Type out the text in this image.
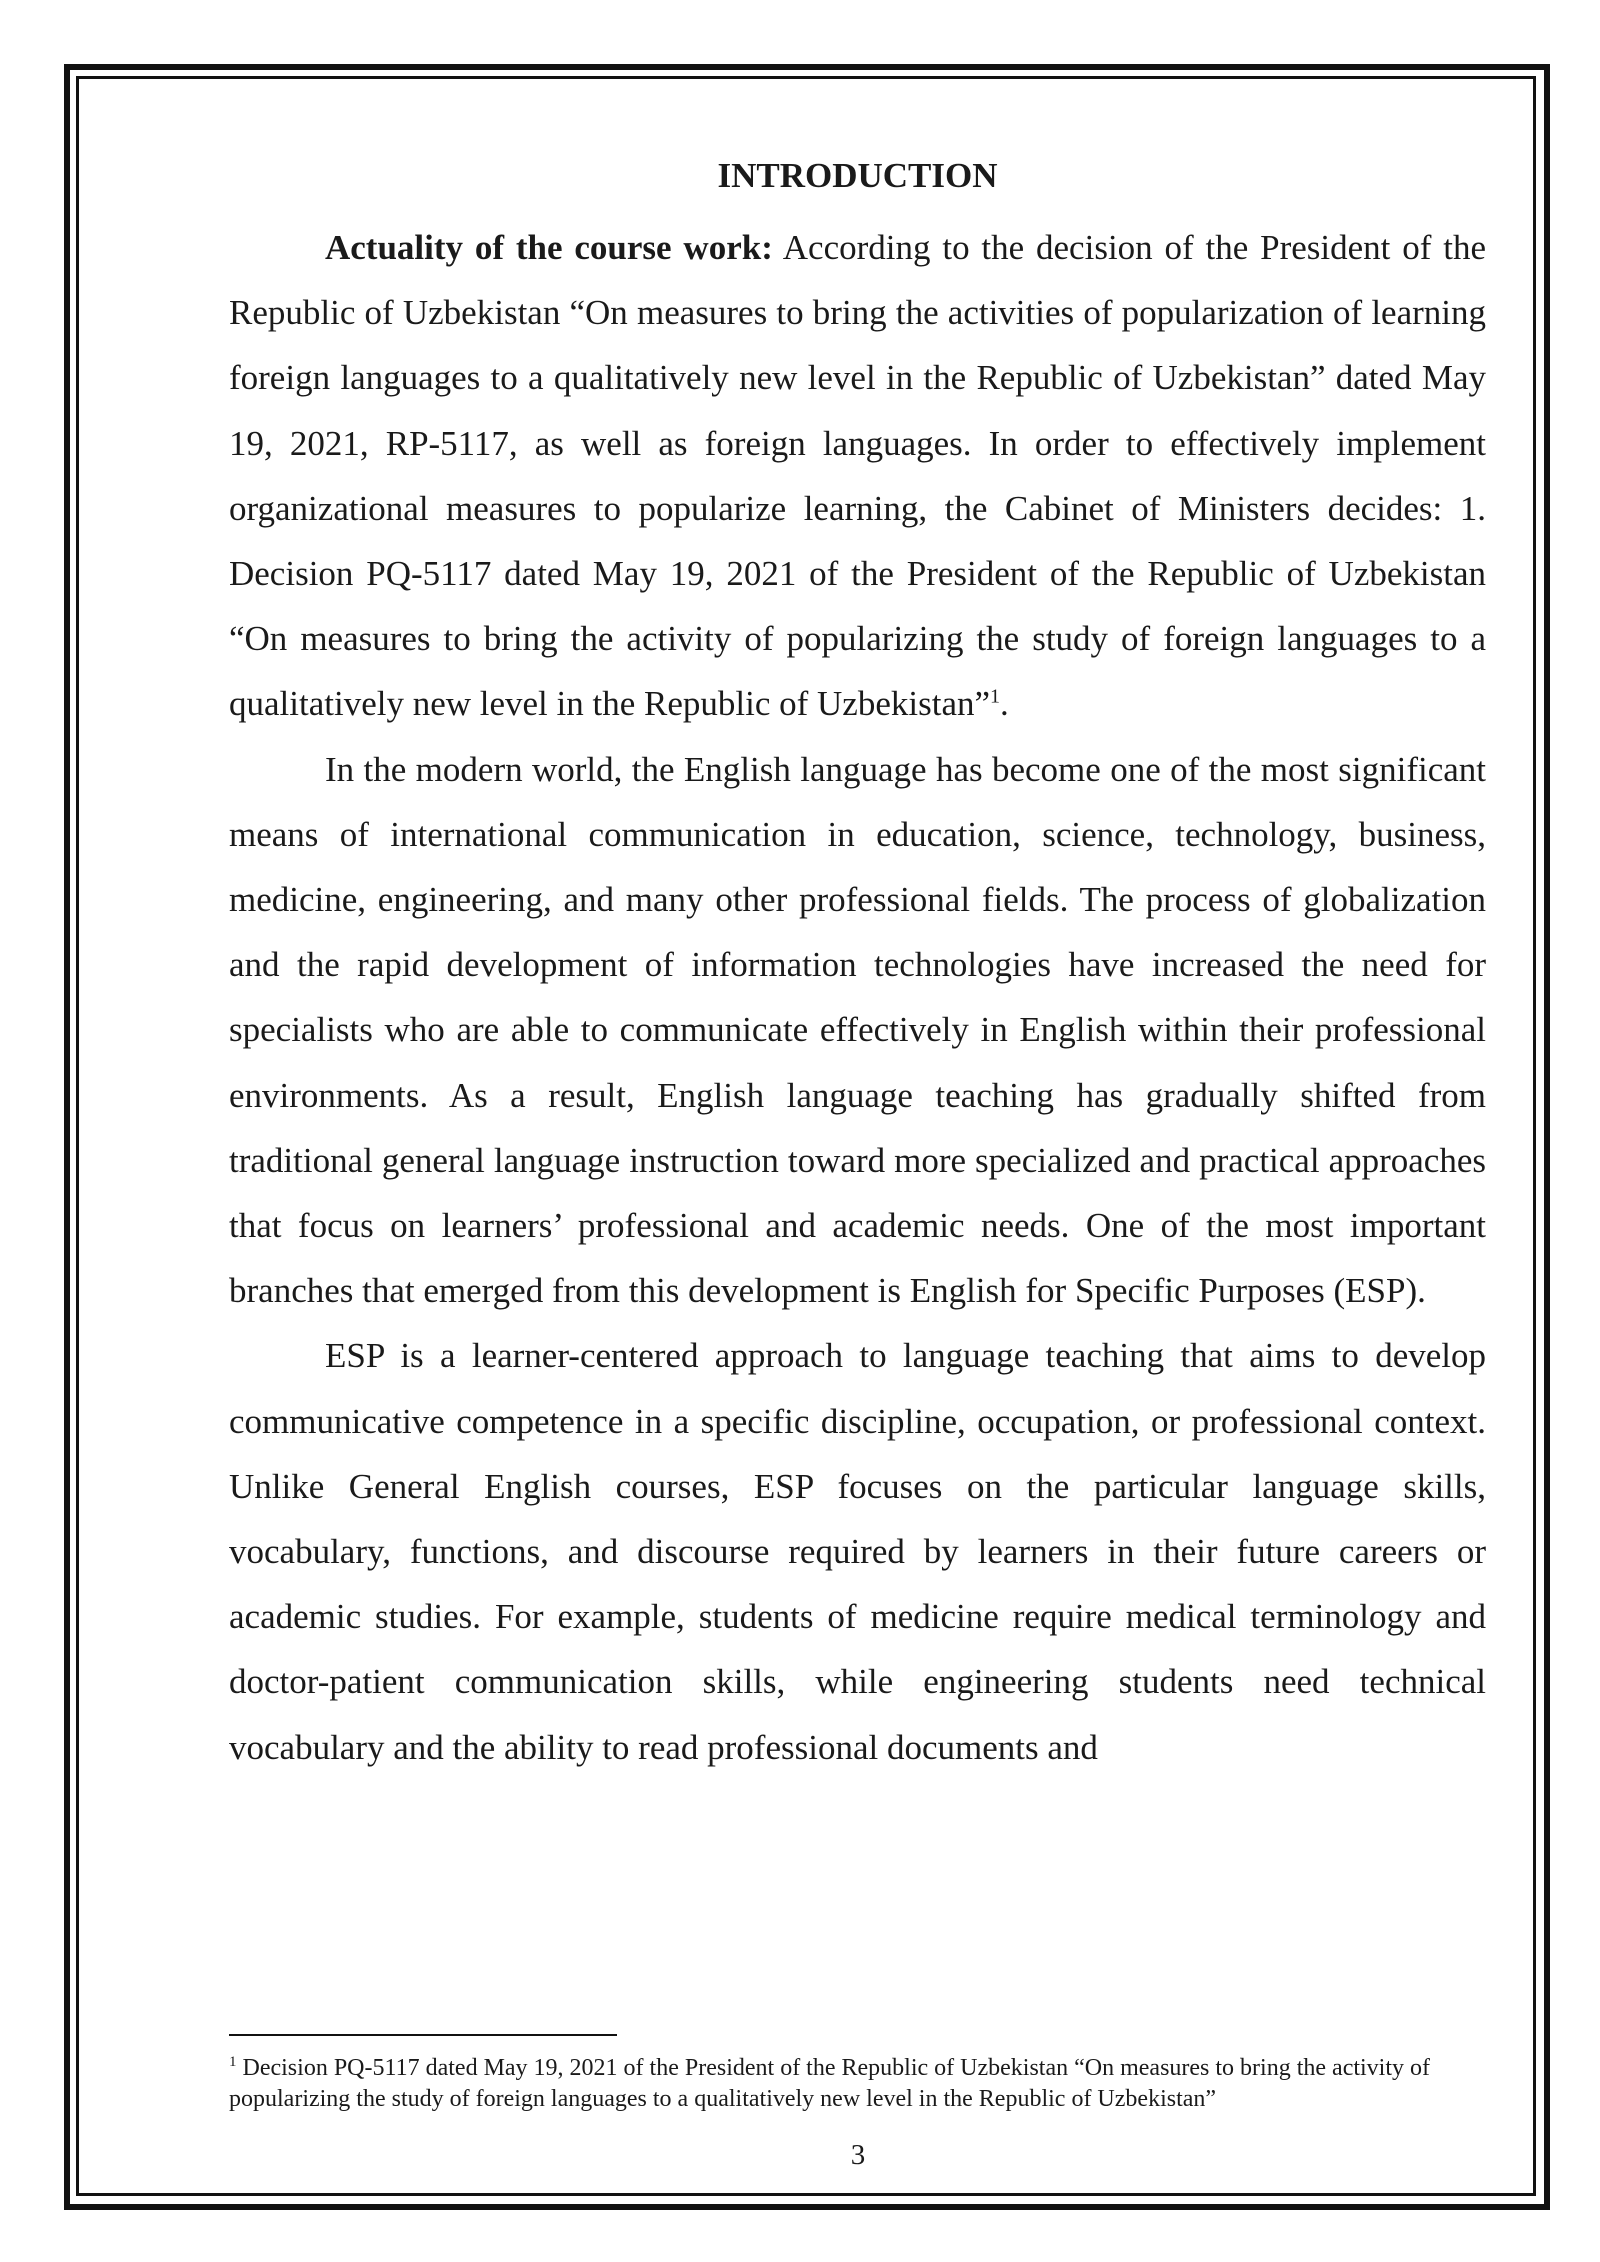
INTRODUCTION

Actuality of the course work: According to the decision of the President of the Republic of Uzbekistan “On measures to bring the activities of popularization of learning foreign languages to a qualitatively new level in the Republic of Uzbekistan” dated May 19, 2021, RP-5117, as well as foreign languages. In order to effectively implement organizational measures to popularize learning, the Cabinet of Ministers decides: 1. Decision PQ-5117 dated May 19, 2021 of the President of the Republic of Uzbekistan “On measures to bring the activity of popularizing the study of foreign languages to a qualitatively new level in the Republic of Uzbekistan”$^1$.

In the modern world, the English language has become one of the most significant means of international communication in education, science, technology, business, medicine, engineering, and many other professional fields. The process of globalization and the rapid development of information technologies have increased the need for specialists who are able to communicate effectively in English within their professional environments. As a result, English language teaching has gradually shifted from traditional general language instruction toward more specialized and practical approaches that focus on learners’ professional and academic needs. One of the most important branches that emerged from this development is English for Specific Purposes (ESP).

ESP is a learner-centered approach to language teaching that aims to develop communicative competence in a specific discipline, occupation, or professional context. Unlike General English courses, ESP focuses on the particular language skills, vocabulary, functions, and discourse required by learners in their future careers or academic studies. For example, students of medicine require medical terminology and doctor-patient communication skills, while engineering students need technical vocabulary and the ability to read professional documents and

$^1$ Decision PQ-5117 dated May 19, 2021 of the President of the Republic of Uzbekistan “On measures to bring the activity of popularizing the study of foreign languages to a qualitatively new level in the Republic of Uzbekistan”

3
